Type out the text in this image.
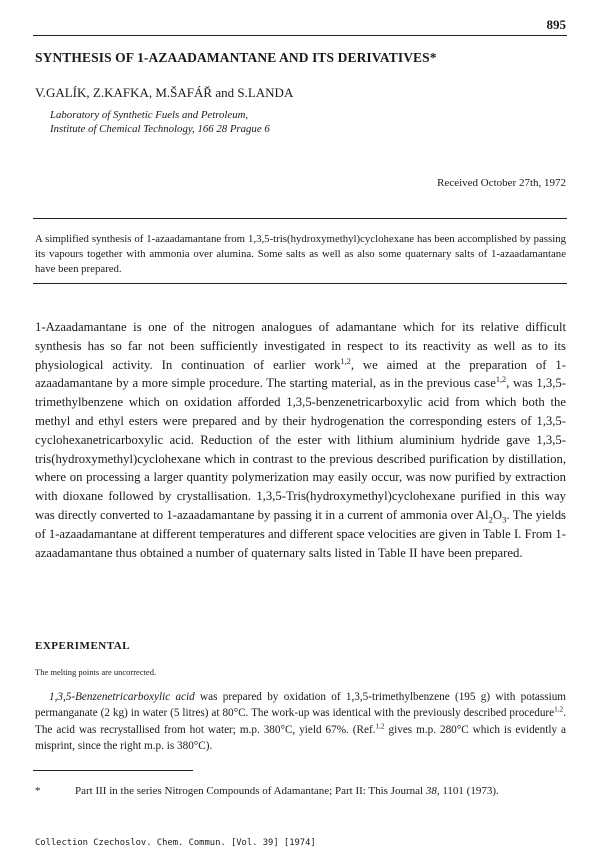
895
SYNTHESIS OF 1-AZAADAMANTANE AND ITS DERIVATIVES*
V.GALÍK, Z.KAFKA, M.ŠAFÁŘ and S.LANDA
Laboratory of Synthetic Fuels and Petroleum,
Institute of Chemical Technology, 166 28 Prague 6
Received October 27th, 1972
A simplified synthesis of 1-azaadamantane from 1,3,5-tris(hydroxymethyl)cyclohexane has been accomplished by passing its vapours together with ammonia over alumina. Some salts as well as also some quaternary salts of 1-azaadamantane have been prepared.
1-Azaadamantane is one of the nitrogen analogues of adamantane which for its relative difficult synthesis has so far not been sufficiently investigated in respect to its reactivity as well as to its physiological activity. In continuation of earlier work$^{1,2}$, we aimed at the preparation of 1-azaadamantane by a more simple procedure. The starting material, as in the previous case$^{1,2}$, was 1,3,5-trimethylbenzene which on oxidation afforded 1,3,5-benzenetricarboxylic acid from which both the methyl and ethyl esters were prepared and by their hydrogenation the corresponding esters of 1,3,5-cyclohexanetricarboxylic acid. Reduction of the ester with lithium aluminium hydride gave 1,3,5-tris(hydroxymethyl)cyclohexane which in contrast to the previous described purification by distillation, where on processing a larger quantity polymerization may easily occur, was now purified by extraction with dioxane followed by crystallisation. 1,3,5-Tris(hydroxymethyl)cyclohexane purified in this way was directly converted to 1-azaadamantane by passing it in a current of ammonia over $Al_2O_3$. The yields of 1-azaadamantane at different temperatures and different space velocities are given in Table I. From 1-azaadamantane thus obtained a number of quaternary salts listed in Table II have been prepared.
EXPERIMENTAL
The melting points are uncorrected.
1,3,5-Benzenetricarboxylic acid was prepared by oxidation of 1,3,5-trimethylbenzene (195 g) with potassium permanganate (2 kg) in water (5 litres) at 80°C. The work-up was identical with the previously described procedure$^{1,2}$. The acid was recrystallised from hot water; m.p. 380°C, yield 67%. (Ref.$^{1,2}$ gives m.p. 280°C which is evidently a misprint, since the right m.p. is 380°C).
*	Part III in the series Nitrogen Compounds of Adamantane; Part II: This Journal 38, 1101 (1973).
Collection Czechoslov. Chem. Commun. [Vol. 39] [1974]
